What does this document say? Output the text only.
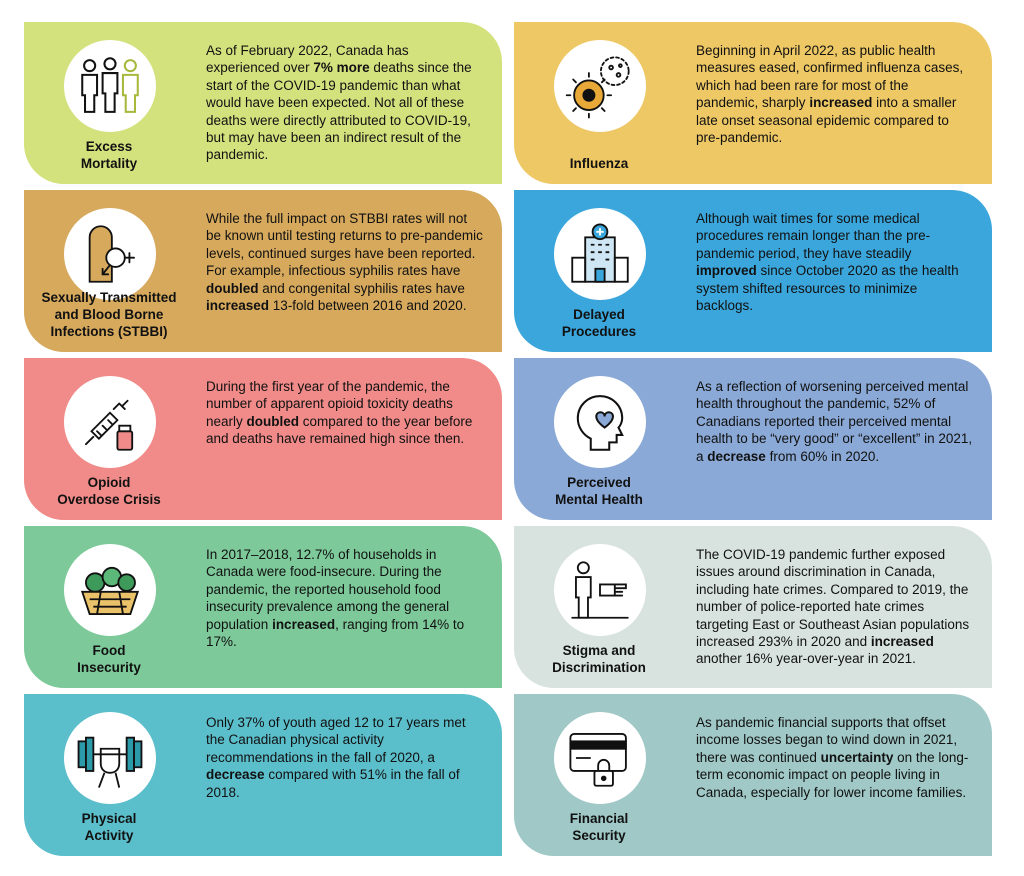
Excess
Mortality
As of February 2022, Canada has experienced over 7% more deaths since the start of the COVID-19 pandemic than what would have been expected. Not all of these deaths were directly attributed to COVID-19, but may have been an indirect result of the pandemic.
Influenza
Beginning in April 2022, as public health measures eased, confirmed influenza cases, which had been rare for most of the pandemic, sharply increased into a smaller late onset seasonal epidemic compared to pre-pandemic.
Sexually Transmitted
and Blood Borne
Infections (STBBI)
While the full impact on STBBI rates will not be known until testing returns to pre-pandemic levels, continued surges have been reported. For example, infectious syphilis rates have doubled and congenital syphilis rates have increased 13-fold between 2016 and 2020.
Delayed
Procedures
Although wait times for some medical procedures remain longer than the pre-pandemic period, they have steadily improved since October 2020 as the health system shifted resources to minimize backlogs.
Opioid
Overdose Crisis
During the first year of the pandemic, the number of apparent opioid toxicity deaths nearly doubled compared to the year before and deaths have remained high since then.
Perceived
Mental Health
As a reflection of worsening perceived mental health throughout the pandemic, 52% of Canadians reported their perceived mental health to be “very good” or “excellent” in 2021, a decrease from 60% in 2020.
Food
Insecurity
In 2017–2018, 12.7% of households in Canada were food-insecure. During the pandemic, the reported household food insecurity prevalence among the general population increased, ranging from 14% to 17%.
Stigma and
Discrimination
The COVID-19 pandemic further exposed issues around discrimination in Canada, including hate crimes. Compared to 2019, the number of police-reported hate crimes targeting East or Southeast Asian populations increased 293% in 2020 and increased another 16% year-over-year in 2021.
Physical
Activity
Only 37% of youth aged 12 to 17 years met the Canadian physical activity recommendations in the fall of 2020, a decrease compared with 51% in the fall of 2018.
Financial
Security
As pandemic financial supports that offset income losses began to wind down in 2021, there was continued uncertainty on the long-term economic impact on people living in Canada, especially for lower income families.
